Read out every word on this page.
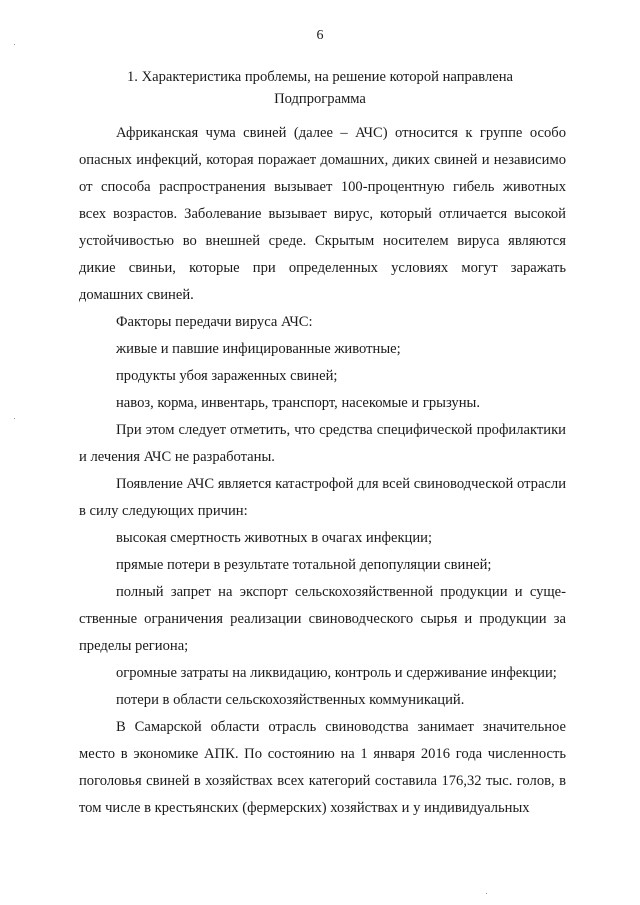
6
1. Характеристика проблемы, на решение которой направлена
Подпрограмма

Африканская чума свиней (далее – АЧС) относится к группе особо опасных инфекций, которая поражает домашних, диких свиней и независимо от способа распространения вызывает 100-процентную гибель животных всех возрастов. Заболевание вызывает вирус, который отличается высокой устойчивостью во внешней среде. Скрытым носителем вируса являются дикие свиньи, которые при определенных условиях могут заражать домашних свиней.

Факторы передачи вируса АЧС:

живые и павшие инфицированные животные;

продукты убоя зараженных свиней;

навоз, корма, инвентарь, транспорт, насекомые и грызуны.

При этом следует отметить, что средства специфической профилактики и лечения АЧС не разработаны.

Появление АЧС является катастрофой для всей свиноводческой отрасли в силу следующих причин:

высокая смертность животных в очагах инфекции;

прямые потери в результате тотальной депопуляции свиней;

полный запрет на экспорт сельскохозяйственной продукции и существенные ограничения реализации свиноводческого сырья и продукции за пределы региона;

огромные затраты на ликвидацию, контроль и сдерживание инфекции;

потери в области сельскохозяйственных коммуникаций.

В Самарской области отрасль свиноводства занимает значительное место в экономике АПК. По состоянию на 1 января 2016 года численность поголовья свиней в хозяйствах всех категорий составила 176,32 тыс. голов, в том числе в крестьянских (фермерских) хозяйствах и у индивидуальных
